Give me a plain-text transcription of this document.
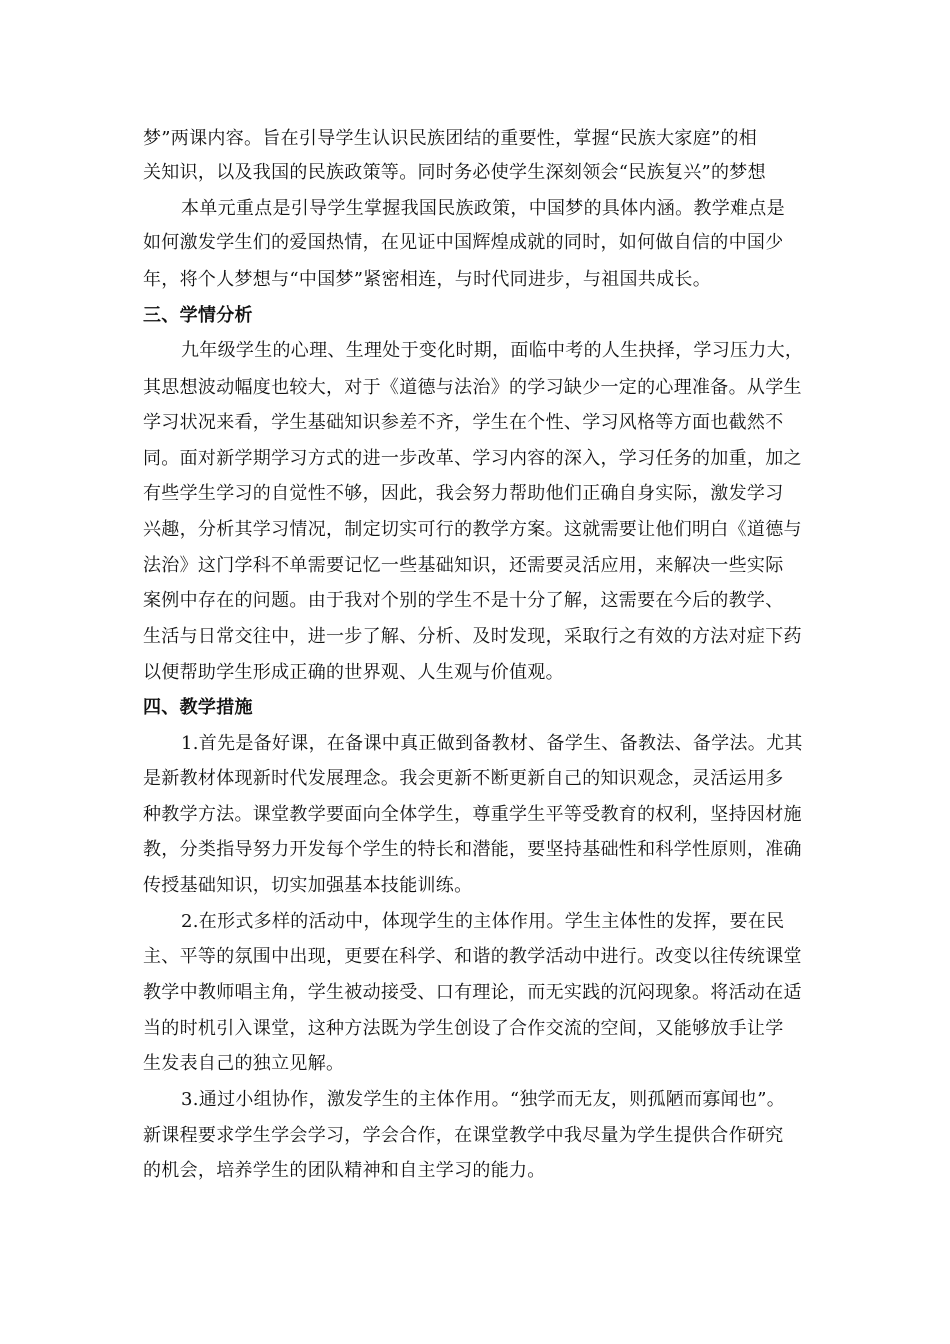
梦”两课内容。旨在引导学生认识民族团结的重要性，掌握“民族大家庭”的相
关知识，以及我国的民族政策等。同时务必使学生深刻领会“民族复兴”的梦想
本单元重点是引导学生掌握我国民族政策，中国梦的具体内涵。教学难点是
如何激发学生们的爱国热情，在见证中国辉煌成就的同时，如何做自信的中国少
年，将个人梦想与“中国梦”紧密相连，与时代同进步，与祖国共成长。
三、学情分析
九年级学生的心理、生理处于变化时期，面临中考的人生抉择，学习压力大，
其思想波动幅度也较大，对于《道德与法治》的学习缺少一定的心理准备。从学生
学习状况来看，学生基础知识参差不齐，学生在个性、学习风格等方面也截然不
同。面对新学期学习方式的进一步改革、学习内容的深入，学习任务的加重，加之
有些学生学习的自觉性不够，因此，我会努力帮助他们正确自身实际，激发学习
兴趣，分析其学习情况，制定切实可行的教学方案。这就需要让他们明白《道德与
法治》这门学科不单需要记忆一些基础知识，还需要灵活应用，来解决一些实际
案例中存在的问题。由于我对个别的学生不是十分了解，这需要在今后的教学、
生活与日常交往中，进一步了解、分析、及时发现，采取行之有效的方法对症下药
以便帮助学生形成正确的世界观、人生观与价值观。
四、教学措施
1.首先是备好课，在备课中真正做到备教材、备学生、备教法、备学法。尤其
是新教材体现新时代发展理念。我会更新不断更新自己的知识观念，灵活运用多
种教学方法。课堂教学要面向全体学生，尊重学生平等受教育的权利，坚持因材施
教，分类指导努力开发每个学生的特长和潜能，要坚持基础性和科学性原则，准确
传授基础知识，切实加强基本技能训练。
2.在形式多样的活动中，体现学生的主体作用。学生主体性的发挥，要在民
主、平等的氛围中出现，更要在科学、和谐的教学活动中进行。改变以往传统课堂
教学中教师唱主角，学生被动接受、口有理论，而无实践的沉闷现象。将活动在适
当的时机引入课堂，这种方法既为学生创设了合作交流的空间，又能够放手让学
生发表自己的独立见解。
3.通过小组协作，激发学生的主体作用。“独学而无友，则孤陋而寡闻也”。
新课程要求学生学会学习，学会合作，在课堂教学中我尽量为学生提供合作研究
的机会，培养学生的团队精神和自主学习的能力。
